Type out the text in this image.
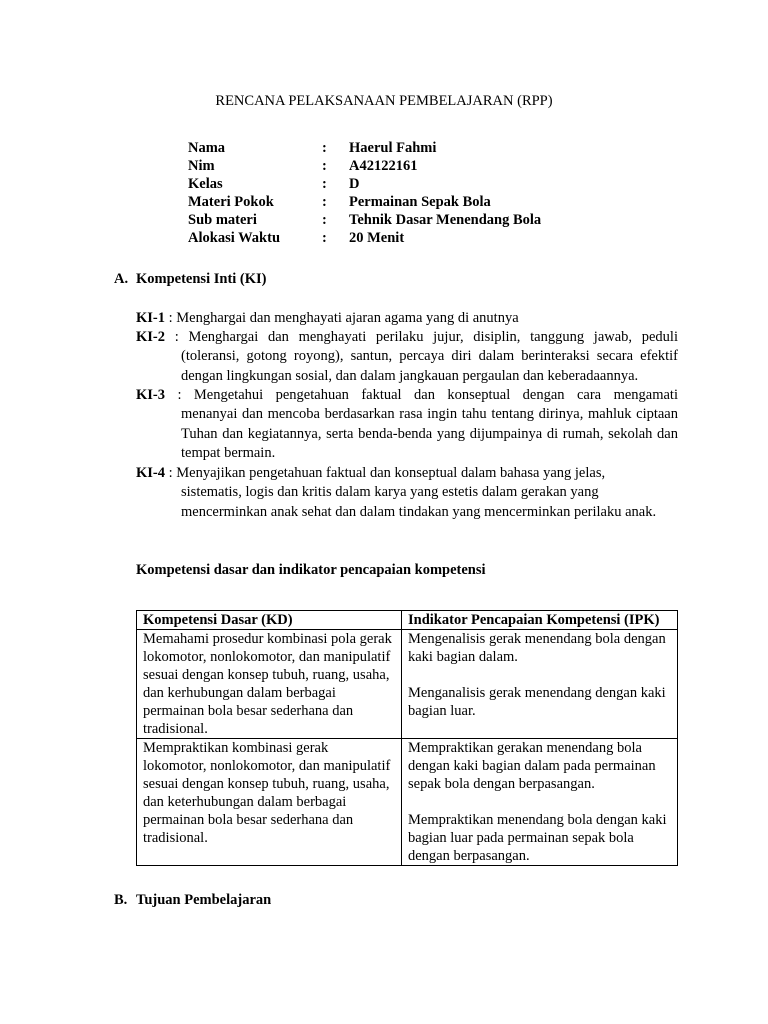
RENCANA PELAKSANAAN PEMBELAJARAN (RPP)
Nama	:	Haerul Fahmi
Nim	:	A42122161
Kelas	:	D
Materi Pokok	:	Permainan Sepak Bola
Sub materi	:	Tehnik Dasar Menendang Bola
Alokasi Waktu	:	20 Menit
A. Kompetensi Inti (KI)
KI-1 : Menghargai dan menghayati ajaran agama yang di anutnya
KI-2 : Menghargai dan menghayati perilaku jujur, disiplin, tanggung jawab, peduli
(toleransi, gotong royong), santun, percaya diri dalam berinteraksi secara efektif dengan lingkungan sosial, dan dalam jangkauan pergaulan dan keberadaannya.
KI-3 : Mengetahui pengetahuan faktual dan konseptual dengan cara mengamati
menanyai dan mencoba berdasarkan rasa ingin tahu tentang dirinya, mahluk ciptaan Tuhan dan kegiatannya, serta benda-benda yang dijumpainya di rumah, sekolah dan tempat bermain.
KI-4 : Menyajikan pengetahuan faktual dan konseptual dalam bahasa yang jelas,
sistematis, logis dan kritis dalam karya yang estetis dalam gerakan yang mencerminkan anak sehat dan dalam tindakan yang mencerminkan perilaku anak.
Kompetensi dasar dan indikator pencapaian kompetensi
Kompetensi Dasar (KD)	Indikator Pencapaian Kompetensi (IPK)
Memahami prosedur kombinasi pola gerak lokomotor, nonlokomotor, dan manipulatif sesuai dengan konsep tubuh, ruang, usaha, dan kerhubungan dalam berbagai permainan bola besar sederhana dan tradisional.	Mengenalisis gerak menendang bola dengan kaki bagian dalam.
Menganalisis gerak menendang dengan kaki bagian luar.

Mempraktikan kombinasi gerak lokomotor, nonlokomotor, dan manipulatif sesuai dengan konsep tubuh, ruang, usaha, dan keterhubungan dalam berbagai permainan bola besar sederhana dan tradisional.	Mempraktikan gerakan menendang bola dengan kaki bagian dalam pada permainan sepak bola dengan berpasangan.
Mempraktikan menendang bola dengan kaki bagian luar pada permainan sepak bola dengan berpasangan.
B. Tujuan Pembelajaran
